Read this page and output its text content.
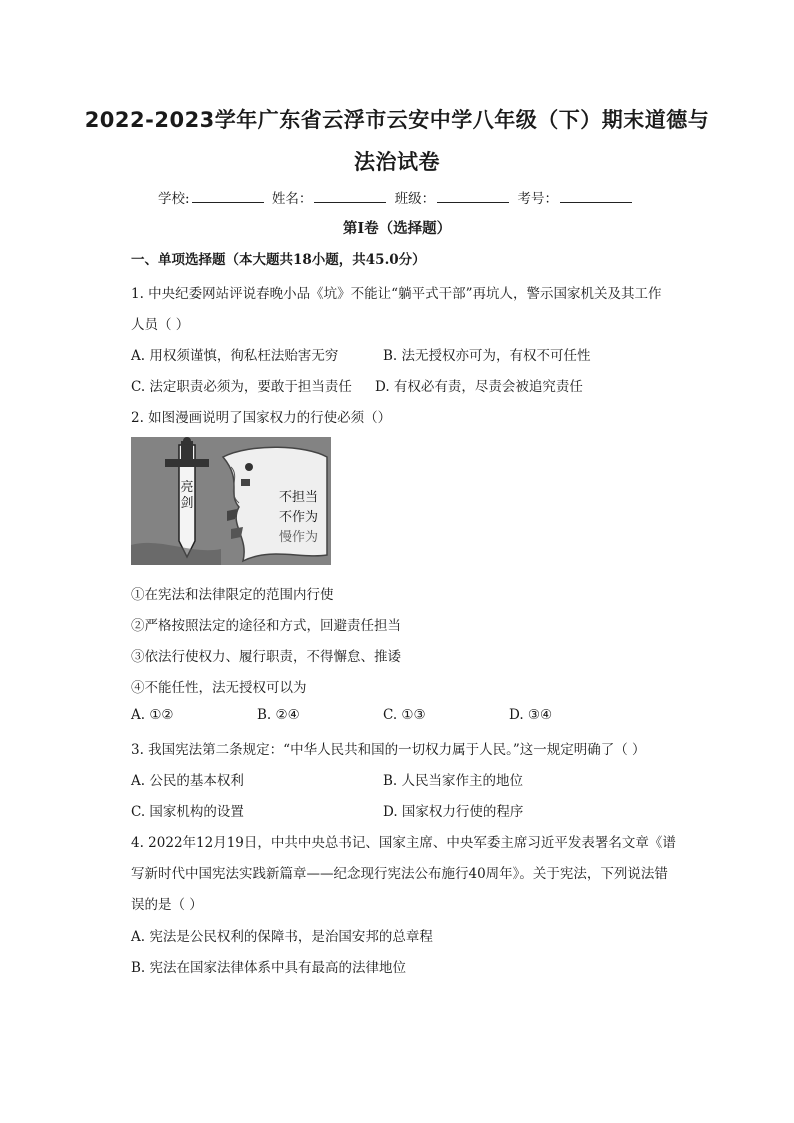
2022-2023学年广东省云浮市云安中学八年级（下）期末道德与
法治试卷
学校:	姓名：	班级：	考号：
第I卷（选择题）
一、单项选择题（本大题共18小题，共45.0分）
1. 中央纪委网站评说春晚小品《坑》不能让“躺平式干部”再坑人，警示国家机关及其工作
人员（ ）
A. 用权须谨慎，徇私枉法贻害无穷	B. 法无授权亦可为，有权不可任性
C. 法定职责必须为，要敢于担当责任 D. 有权必有责，尽责会被追究责任
2. 如图漫画说明了国家权力的行使必须（）
亮
剑	不担当
不作为
慢作为
①在宪法和法律限定的范围内行使
②严格按照法定的途径和方式，回避责任担当
③依法行使权力、履行职责，不得懈怠、推诿
④不能任性，法无授权可以为
A. ①②	B. ②④	C. ①③	D. ③④
3. 我国宪法第二条规定：“中华人民共和国的一切权力属于人民。”这一规定明确了（ ）
A. 公民的基本权利	B. 人民当家作主的地位
C. 国家机构的设置	D. 国家权力行使的程序
4. 2022年12月19日，中共中央总书记、国家主席、中央军委主席习近平发表署名文章《谱
写新时代中国宪法实践新篇章——纪念现行宪法公布施行40周年》。关于宪法，下列说法错
误的是（ ）
A. 宪法是公民权利的保障书，是治国安邦的总章程
B. 宪法在国家法律体系中具有最高的法律地位
